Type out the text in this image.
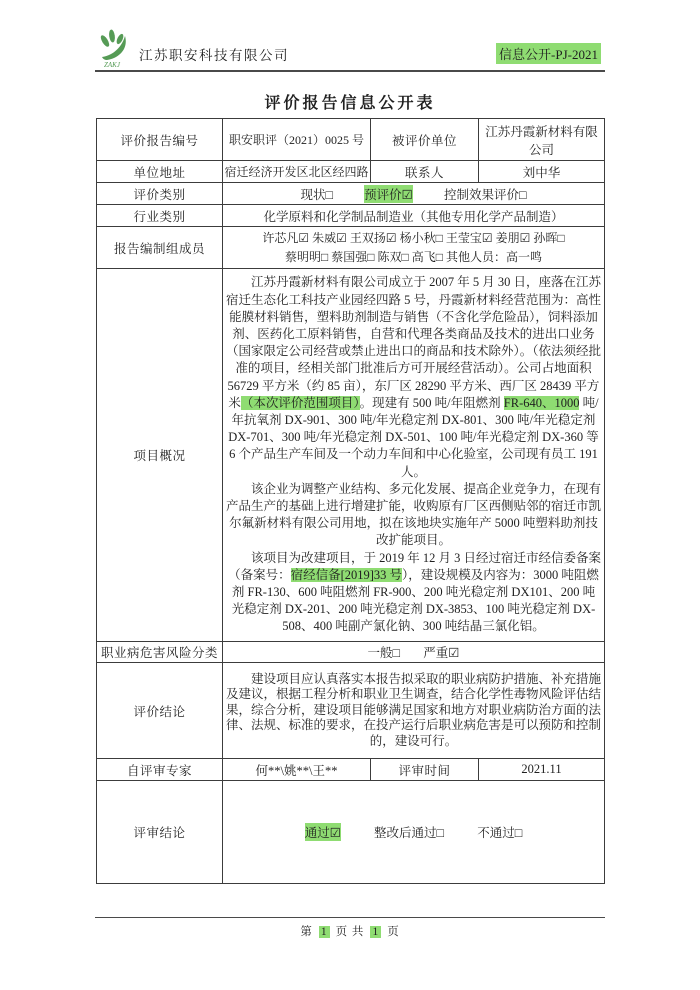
ZAKJ
江苏职安科技有限公司	信息公开-PJ-2021
评价报告信息公开表
评价报告编号	职安职评（2021）0025 号	被评价单位	江苏丹霞新材料有限公司
单位地址	宿迁经济开发区北区经四路	联系人	刘中华
评价类别	现状□ 预评价☑ 控制效果评价□		
行业类别	化学原料和化学制品制造业（其他专用化学产品制造）		
报告编制组成员	许芯凡☑ 朱威☑ 王双扬☑ 杨小秋□ 王莹宝☑ 姜朋☑ 孙晖□
蔡明明□ 蔡国强□ 陈双□ 高飞□ 其他人员：高一鸣		

项目概况	江苏丹霞新材料有限公司成立于 2007 年 5 月 30 日，座落在江苏宿迁生态化工科技产业园经四路 5 号，丹霞新材料经营范围为：高性能膜材料销售，塑料助剂制造与销售（不含化学危险品），饲料添加剂、医药化工原料销售，自营和代理各类商品及技术的进出口业务（国家限定公司经营或禁止进出口的商品和技术除外）。（依法须经批准的项目，经相关部门批准后方可开展经营活动）。公司占地面积 56729 平方米（约 85 亩），东厂区 28290 平方米、西厂区 28439 平方米（本次评价范围项目）。现建有 500 吨/年阻燃剂 FR-640、1000 吨/年抗氧剂 DX-901、300 吨/年光稳定剂 DX-801、300 吨/年光稳定剂 DX-701、300 吨/年光稳定剂 DX-501、100 吨/年光稳定剂 DX-360 等 6 个产品生产车间及一个动力车间和中心化验室，公司现有员工 191 人。

该企业为调整产业结构、多元化发展、提高企业竞争力，在现有产品生产的基础上进行增建扩能，收购原有厂区西侧贴邻的宿迁市凯尔氟新材料有限公司用地，拟在该地块实施年产 5000 吨塑料助剂技改扩能项目。

该项目为改建项目，于 2019 年 12 月 3 日经过宿迁市经信委备案（备案号：宿经信备[2019]33 号），建设规模及内容为：3000 吨阻燃剂 FR-130、600 吨阻燃剂 FR-900、200 吨光稳定剂 DX101、200 吨光稳定剂 DX-201、200 吨光稳定剂 DX-3853、100 吨光稳定剂 DX-508、400 吨副产氯化钠、300 吨结晶三氯化铝。		

职业病危害风险分类	一般□ 严重☑		
评价结论	建设项目应认真落实本报告拟采取的职业病防护措施、补充措施及建议，根据工程分析和职业卫生调查，结合化学性毒物风险评估结果，综合分析，建设项目能够满足国家和地方对职业病防治方面的法律、法规、标准的要求，在投产运行后职业病危害是可以预防和控制的，建设可行。		

自评审专家	何**\姚**\王**	评审时间	2021.11
评审结论	通过☑ 整改后通过□ 不通过□		
第 1 页 共 1 页
